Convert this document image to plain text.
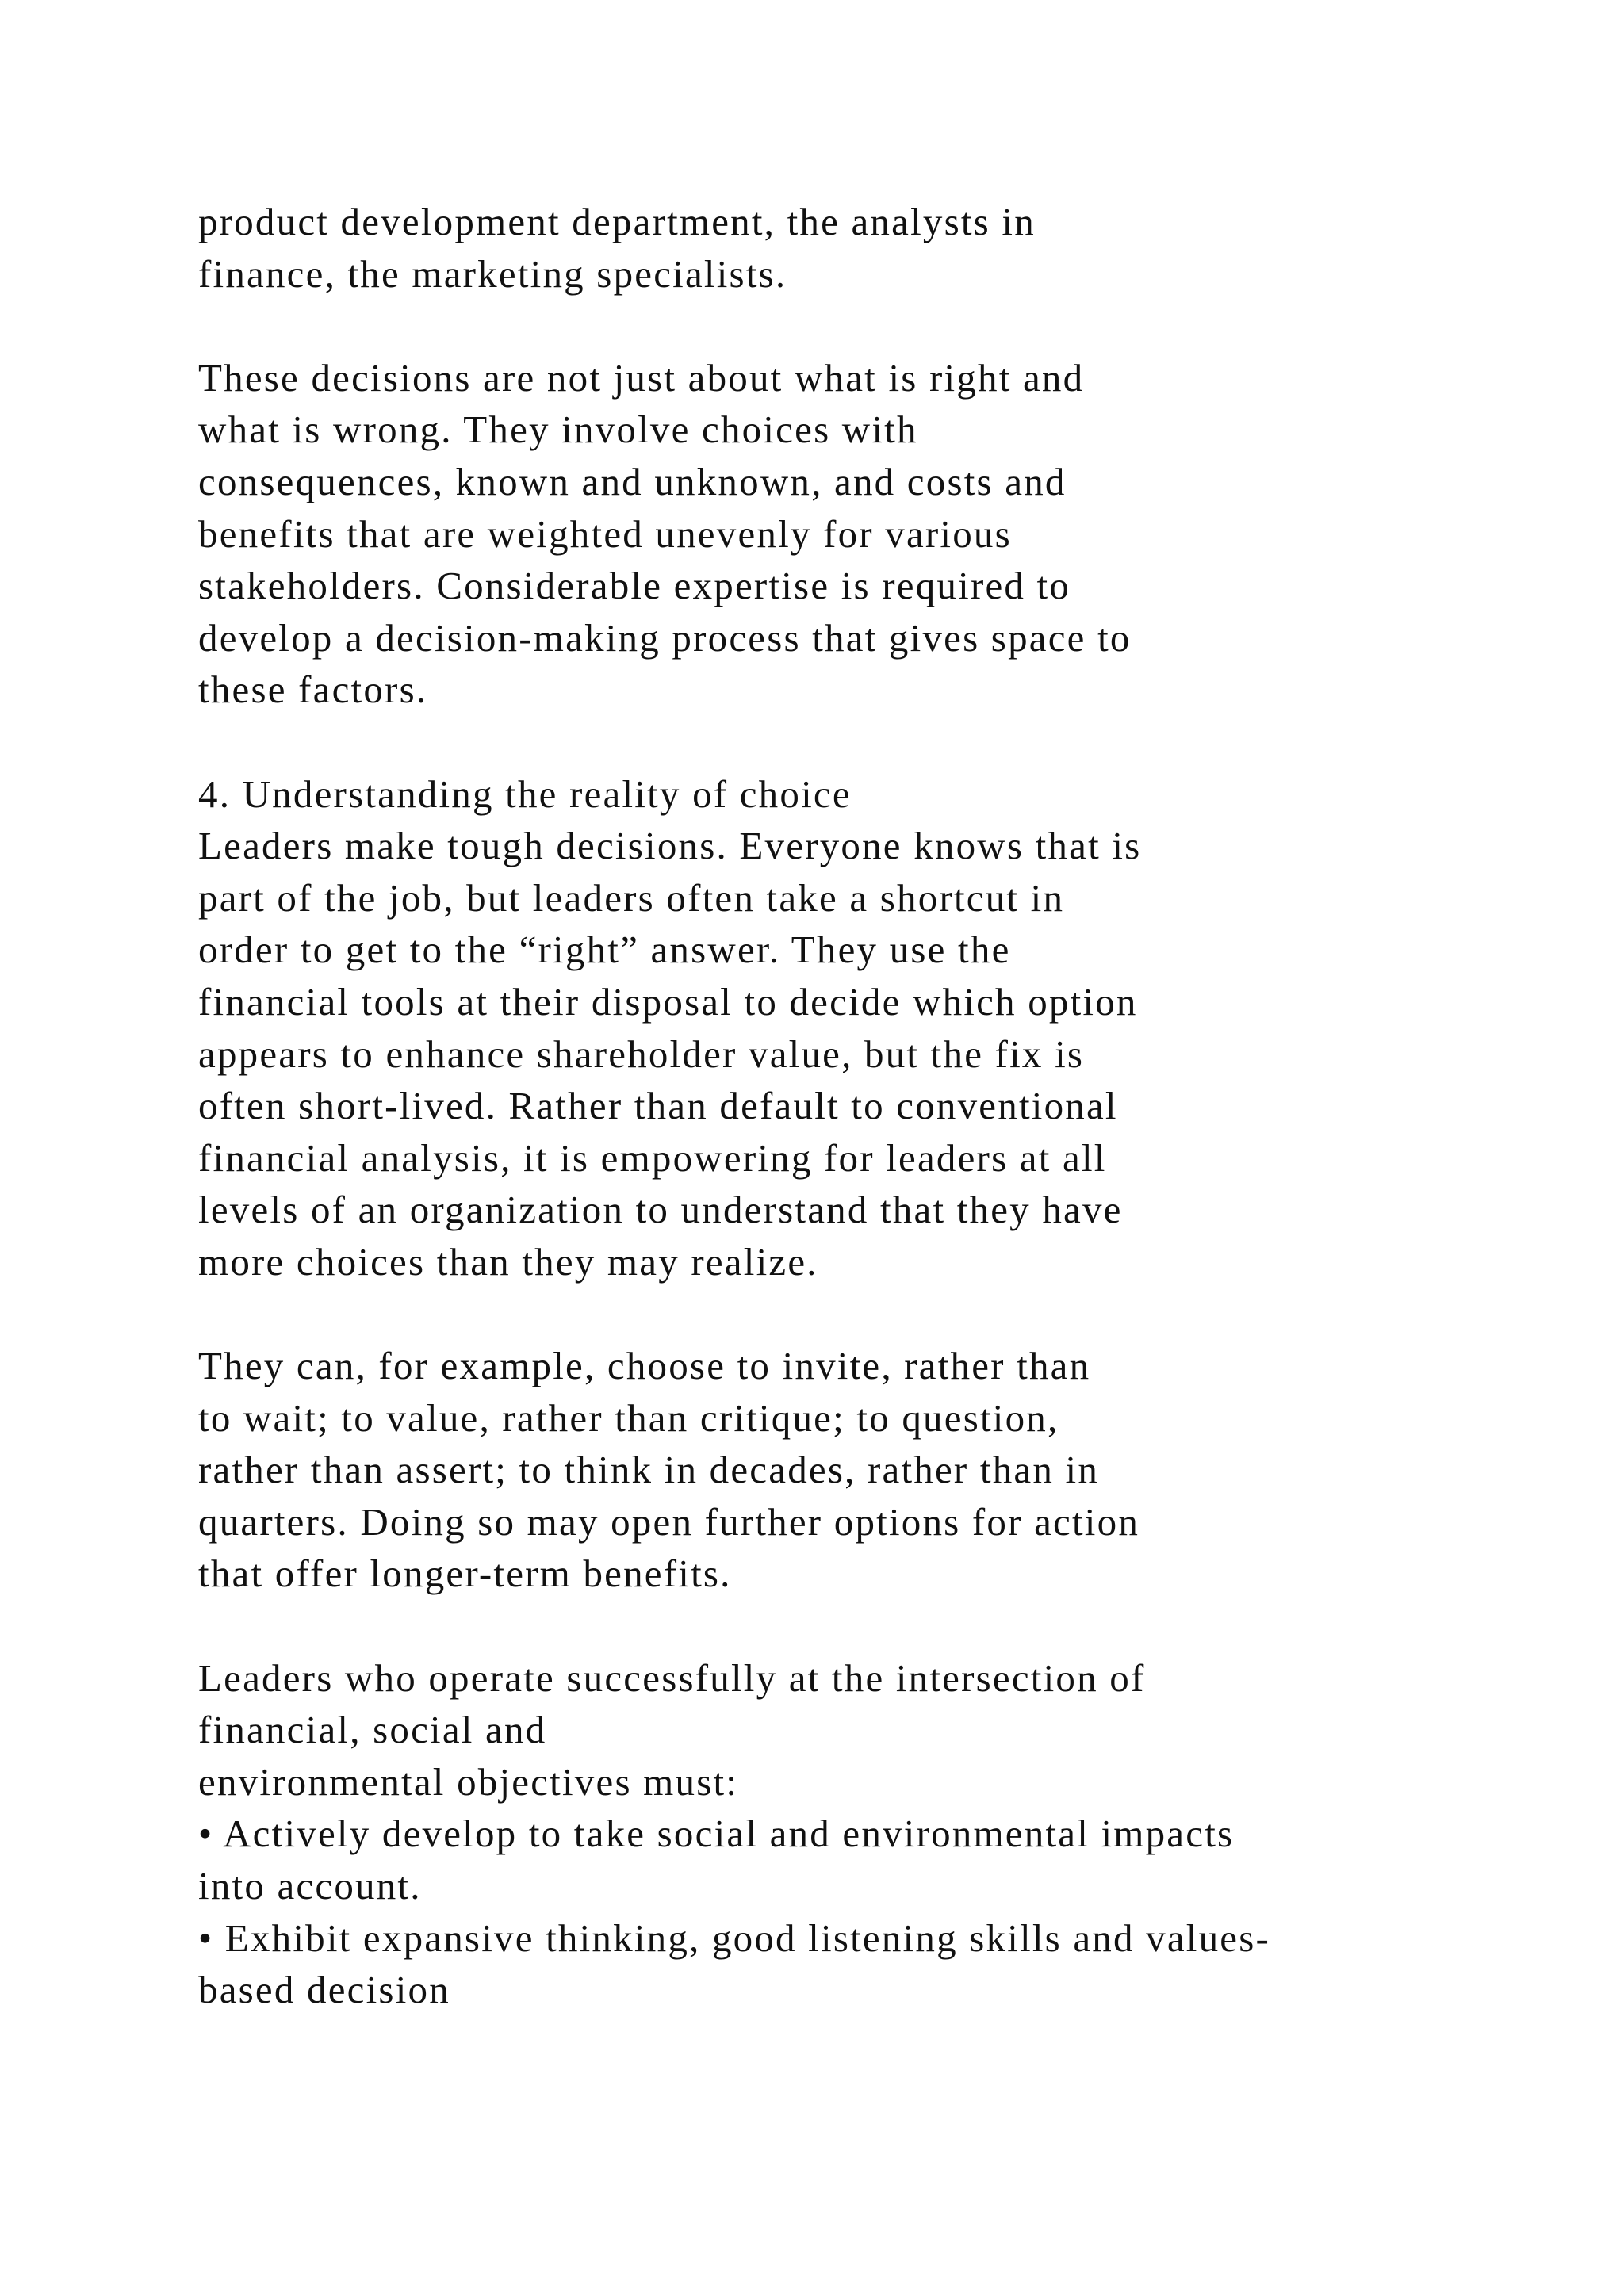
product development department, the analysts in
finance, the marketing specialists.
These decisions are not just about what is right and
what is wrong. They involve choices with
consequences, known and unknown, and costs and
benefits that are weighted unevenly for various
stakeholders. Considerable expertise is required to
develop a decision-making process that gives space to
these factors.
4. Understanding the reality of choice
Leaders make tough decisions. Everyone knows that is
part of the job, but leaders often take a shortcut in
order to get to the “right” answer. They use the
financial tools at their disposal to decide which option
appears to enhance shareholder value, but the fix is
often short-lived. Rather than default to conventional
financial analysis, it is empowering for leaders at all
levels of an organization to understand that they have
more choices than they may realize.
They can, for example, choose to invite, rather than
to wait; to value, rather than critique; to question,
rather than assert; to think in decades, rather than in
quarters. Doing so may open further options for action
that offer longer-term benefits.
Leaders who operate successfully at the intersection of
financial, social and
environmental objectives must:
• Actively develop to take social and environmental impacts
into account.
• Exhibit expansive thinking, good listening skills and values-
based decision
